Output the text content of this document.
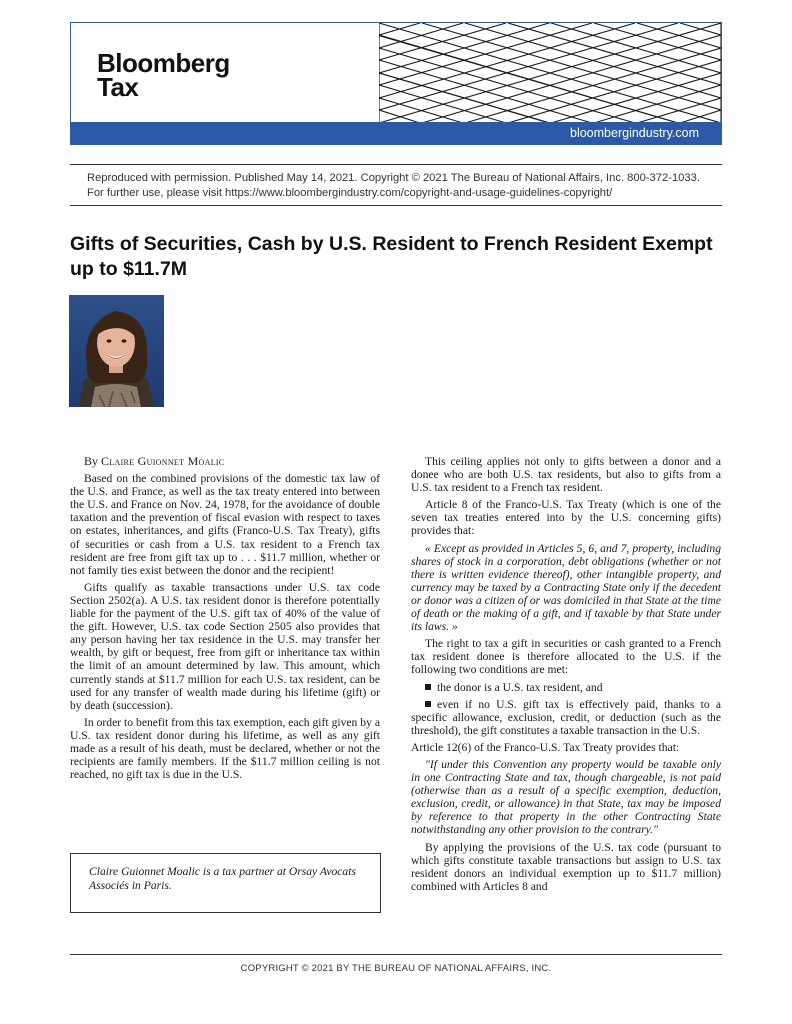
Bloomberg
Tax
bloombergindustry.com
Reproduced with permission. Published May 14, 2021. Copyright © 2021 The Bureau of National Affairs, Inc. 800-372-1033. For further use, please visit https://www.bloombergindustry.com/copyright-and-usage-guidelines-copyright/
Gifts of Securities, Cash by U.S. Resident to French Resident Exempt up to $11.7M

By Claire Guionnet Moalic

Based on the combined provisions of the domestic tax law of the U.S. and France, as well as the tax treaty entered into between the U.S. and France on Nov. 24, 1978, for the avoidance of double taxation and the prevention of fiscal evasion with respect to taxes on estates, inheritances, and gifts (Franco-U.S. Tax Treaty), gifts of securities or cash from a U.S. tax resident to a French tax resident are free from gift tax up to . . . $11.7 million, whether or not family ties exist between the donor and the recipient!

Gifts qualify as taxable transactions under U.S. tax code Section 2502(a). A U.S. tax resident donor is therefore potentially liable for the payment of the U.S. gift tax of 40% of the value of the gift. However, U.S. tax code Section 2505 also provides that any person having her tax residence in the U.S. may transfer her wealth, by gift or bequest, free from gift or inheritance tax within the limit of an amount determined by law. This amount, which currently stands at $11.7 million for each U.S. tax resident, can be used for any transfer of wealth made during his lifetime (gift) or by death (succession).

In order to benefit from this tax exemption, each gift given by a U.S. tax resident donor during his lifetime, as well as any gift made as a result of his death, must be declared, whether or not the recipients are family members. If the $11.7 million ceiling is not reached, no gift tax is due in the U.S.

Claire Guionnet Moalic is a tax partner at Orsay Avocats Associés in Paris.

This ceiling applies not only to gifts between a donor and a donee who are both U.S. tax residents, but also to gifts from a U.S. tax resident to a French tax resident.

Article 8 of the Franco-U.S. Tax Treaty (which is one of the seven tax treaties entered into by the U.S. concerning gifts) provides that:

« Except as provided in Articles 5, 6, and 7, property, including shares of stock in a corporation, debt obligations (whether or not there is written evidence thereof), other intangible property, and currency may be taxed by a Contracting State only if the decedent or donor was a citizen of or was domiciled in that State at the time of death or the making of a gift, and if taxable by that State under its laws. »

The right to tax a gift in securities or cash granted to a French tax resident donee is therefore allocated to the U.S. if the following two conditions are met:

the donor is a U.S. tax resident, and

even if no U.S. gift tax is effectively paid, thanks to a specific allowance, exclusion, credit, or deduction (such as the threshold), the gift constitutes a taxable transaction in the U.S.

Article 12(6) of the Franco-U.S. Tax Treaty provides that:

"If under this Convention any property would be taxable only in one Contracting State and tax, though chargeable, is not paid (otherwise than as a result of a specific exemption, deduction, exclusion, credit, or allowance) in that State, tax may be imposed by reference to that property in the other Contracting State notwithstanding any other provision to the contrary."

By applying the provisions of the U.S. tax code (pursuant to which gifts constitute taxable transactions but assign to U.S. tax resident donors an individual exemption up to $11.7 million) combined with Articles 8 and

COPYRIGHT © 2021 BY THE BUREAU OF NATIONAL AFFAIRS, INC.
